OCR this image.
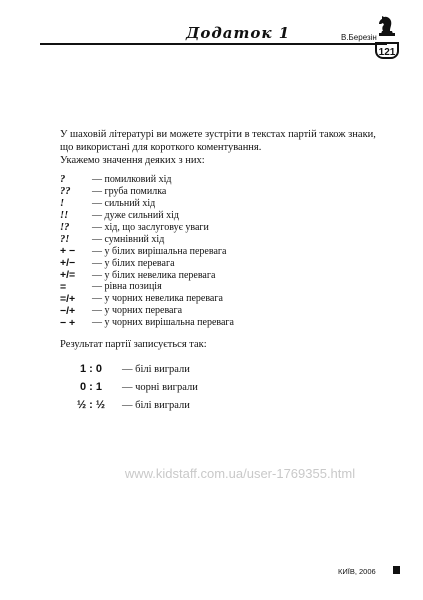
Додаток 1	В.Березін
121

У шаховій літературі ви можете зустріти в текстах партій також знаки,

що використані для короткого коментування.

Укажемо значення деяких з них:

?	— помилковий хід
??	— груба помилка
!	— сильний хід
!!	— дуже сильний хід
!?	— хід, що заслуговує уваги
?!	— сумнівний хід
+ −	— у білих вирішальна перевага
+/−	— у білих перевага
+/=	— у білих невелика перевага
=	— рівна позиція
=/+	— у чорних невелика перевага
−/+	— у чорних перевага
− +	— у чорних вирішальна перевага
Результат партії записується так:
1 : 0	— білі виграли
0 : 1	— чорні виграли
½ : ½	— білі виграли
www.kidstaff.com.ua/user-1769355.html
КИЇВ, 2006
